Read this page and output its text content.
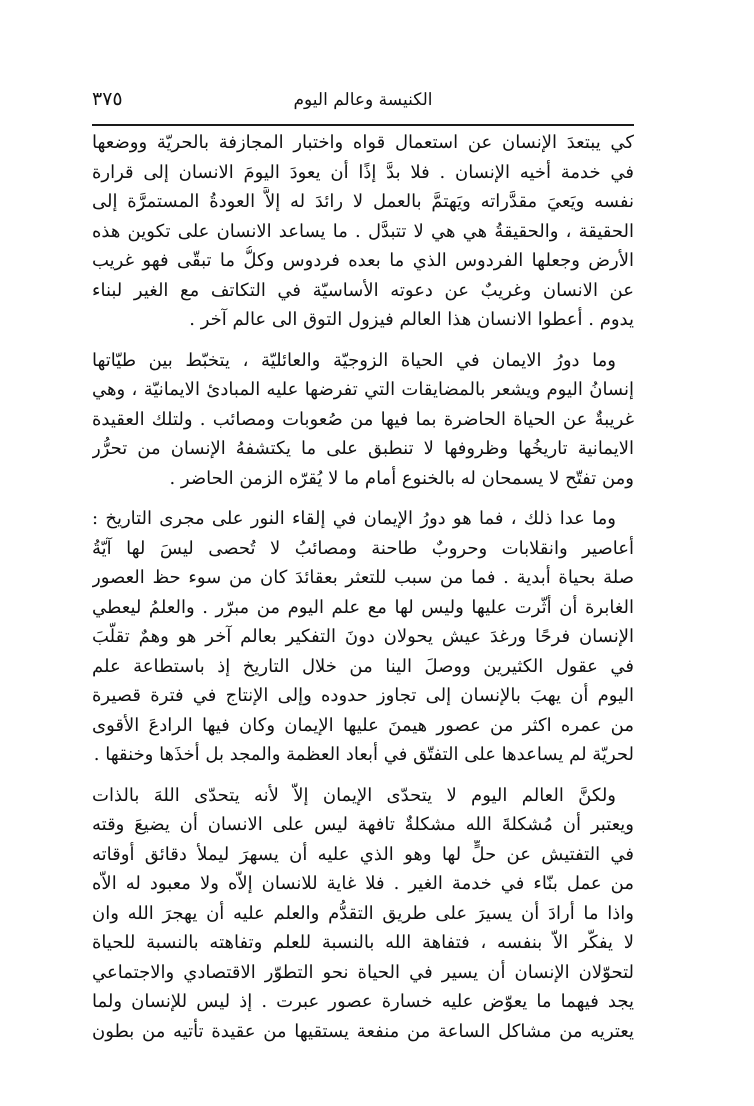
الكنيسة وعالم اليوم
٣٧٥
كي يبتعدَ الإنسان عن استعمال قواه واختبار المجازفة بالحريّة ووضعها
في خدمة أخيه الإنسان . فلا بدَّ إذًا أن يعودَ اليومَ الانسان إلى قرارة
نفسه ويَعيَ مقدَّراته ويَهتمَّ بالعمل لا رائدَ له إلاَّ العودةُ المستمرَّة إلى
الحقيقة ، والحقيقةُ هي هي لا تتبدَّل . ما يساعد الانسان على تكوين هذه
الأرض وجعلها الفردوس الذي ما بعده فردوس وكلُّ ما تبقّى فهو غريب
عن الانسان وغريبٌ عن دعوته الأساسيّة في التكاتف مع الغير لبناء
يدوم . أعطوا الانسان هذا العالم فيزول التوق الى عالم آخر .
وما دورُ الايمان في الحياة الزوجيّة والعائليّة ، يتخبّط بين طيّاتها
إنسانُ اليوم ويشعر بالمضايقات التي تفرضها عليه المبادئ الايمانيّة ، وهي
غريبةٌ عن الحياة الحاضرة بما فيها من صُعوبات ومصائب . ولتلك العقيدة
الايمانية تاريخُها وظروفها لا تنطبق على ما يكتشفهُ الإنسان من تحرُّر
ومن تفتّح لا يسمحان له بالخنوع أمام ما لا يُقرّه الزمن الحاضر .
وما عدا ذلك ، فما هو دورُ الإيمان في إلقاء النور على مجرى التاريخ :
أعاصير وانقلابات وحروبٌ طاحنة ومصائبُ لا تُحصى ليسَ لها آيّةُ
صلة بحياة أبدية . فما من سبب للتعثر بعقائدَ كان من سوء حظ العصور
الغابرة أن أثّرت عليها وليس لها مع علم اليوم من مبرّر . والعلمُ ليعطي
الإنسان فرحًا ورغدَ عيش يحولان دونَ التفكير بعالم آخر هو وهمٌ تقلّبَ
في عقول الكثيرين ووصلَ الينا من خلال التاريخ إذ باستطاعة علم
اليوم أن يهبَ بالإنسان إلى تجاوز حدوده وإلى الإنتاج في فترة قصيرة
من عمره اكثر من عصور هيمنَ عليها الإيمان وكان فيها الرادعَ الأقوى
لحريّة لم يساعدها على التفتّق في أبعاد العظمة والمجد بل أخذَها وخنقها .
ولكنَّ العالم اليوم لا يتحدّى الإيمان إلاّ لأنه يتحدّى اللهَ بالذات
ويعتبر أن مُشكلةَ الله مشكلةٌ تافهة ليس على الانسان أن يضيعَ وقته
في التفتيش عن حلٍّ لها وهو الذي عليه أن يسهرَ ليملأ دقائق أوقاته
من عمل بنّاء في خدمة الغير . فلا غاية للانسان إلاّه ولا معبود له الاّه
واذا ما أرادَ أن يسيرَ على طريق التقدُّم والعلم عليه أن يهجرَ الله وان
لا يفكّر الاّ بنفسه ، فتفاهة الله بالنسبة للعلم وتفاهته بالنسبة للحياة
لتحوّلان الإنسان أن يسير في الحياة نحو التطوّر الاقتصادي والاجتماعي
يجد فيهما ما يعوّض عليه خسارة عصور عبرت . إذ ليس للإنسان ولما
يعتريه من مشاكل الساعة من منفعة يستقيها من عقيدة تأتيه من بطون
